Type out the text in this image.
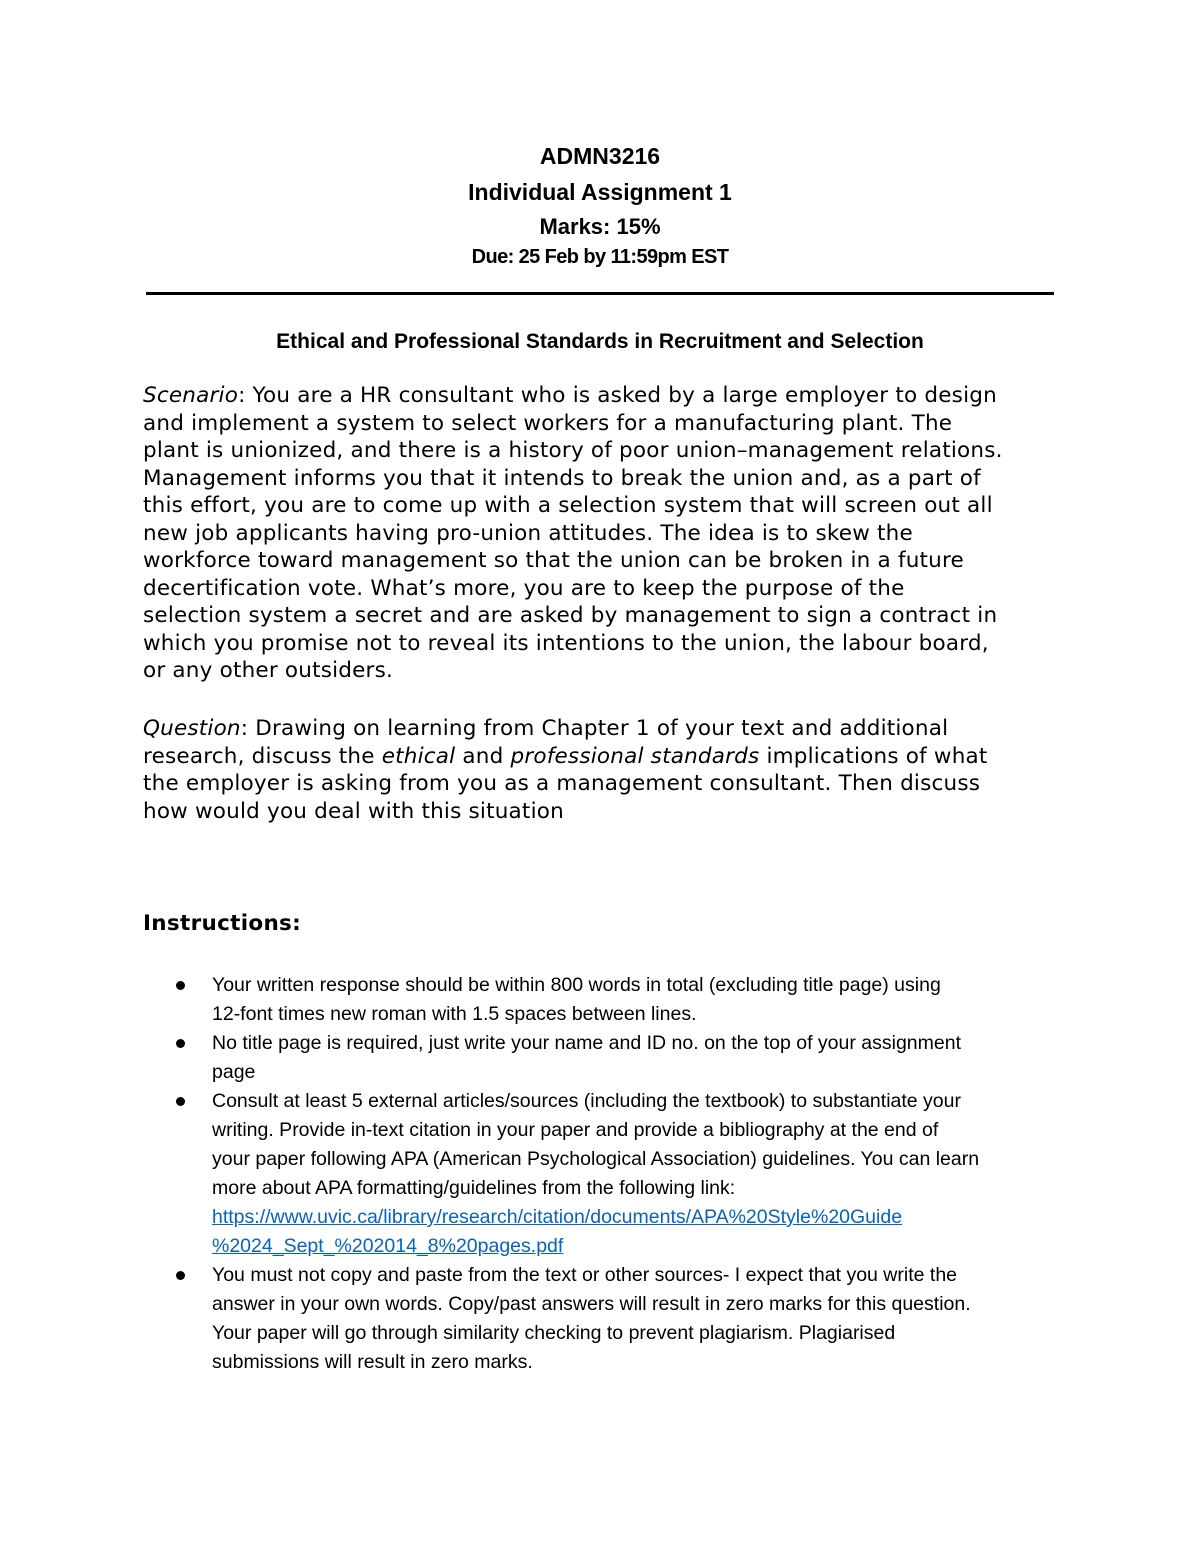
ADMN3216
Individual Assignment 1
Marks: 15%
Due: 25 Feb by 11:59pm EST
Ethical and Professional Standards in Recruitment and Selection
Scenario: You are a HR consultant who is asked by a large employer to design
and implement a system to select workers for a manufacturing plant. The
plant is unionized, and there is a history of poor union–management relations.
Management informs you that it intends to break the union and, as a part of
this effort, you are to come up with a selection system that will screen out all
new job applicants having pro-union attitudes. The idea is to skew the
workforce toward management so that the union can be broken in a future
decertification vote. What’s more, you are to keep the purpose of the
selection system a secret and are asked by management to sign a contract in
which you promise not to reveal its intentions to the union, the labour board,
or any other outsiders.
Question: Drawing on learning from Chapter 1 of your text and additional
research, discuss the ethical and professional standards implications of what
the employer is asking from you as a management consultant. Then discuss
how would you deal with this situation
Instructions:
Your written response should be within 800 words in total (excluding title page) using
12-font times new roman with 1.5 spaces between lines.
No title page is required, just write your name and ID no. on the top of your assignment
page
Consult at least 5 external articles/sources (including the textbook) to substantiate your
writing. Provide in-text citation in your paper and provide a bibliography at the end of
your paper following APA (American Psychological Association) guidelines. You can learn
more about APA formatting/guidelines from the following link:
https://www.uvic.ca/library/research/citation/documents/APA%20Style%20Guide
%2024_Sept_%202014_8%20pages.pdf
You must not copy and paste from the text or other sources- I expect that you write the
answer in your own words. Copy/past answers will result in zero marks for this question.
Your paper will go through similarity checking to prevent plagiarism. Plagiarised
submissions will result in zero marks.
